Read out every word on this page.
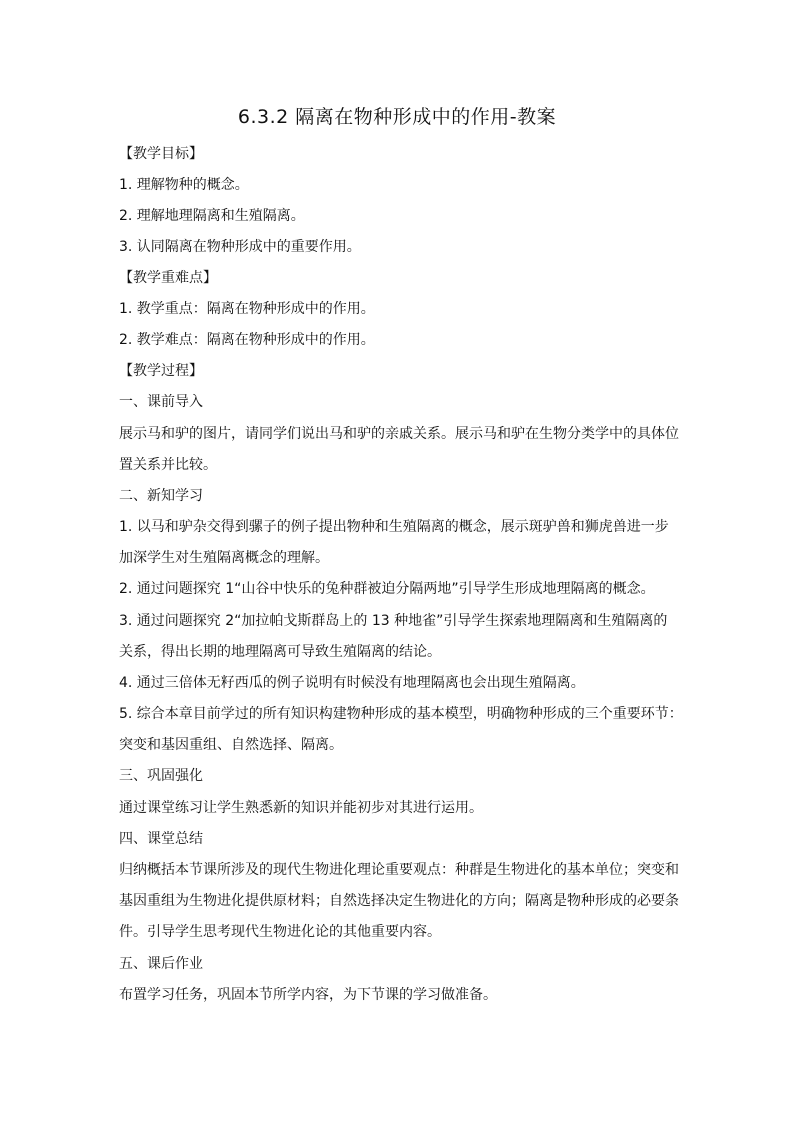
6.3.2 隔离在物种形成中的作用-教案
【教学目标】
1. 理解物种的概念。
2. 理解地理隔离和生殖隔离。
3. 认同隔离在物种形成中的重要作用。
【教学重难点】
1. 教学重点：隔离在物种形成中的作用。
2. 教学难点：隔离在物种形成中的作用。
【教学过程】
一、课前导入
展示马和驴的图片，请同学们说出马和驴的亲戚关系。展示马和驴在生物分类学中的具体位
置关系并比较。
二、新知学习
1. 以马和驴杂交得到骡子的例子提出物种和生殖隔离的概念，展示斑驴兽和狮虎兽进一步
加深学生对生殖隔离概念的理解。
2. 通过问题探究 1“山谷中快乐的兔种群被迫分隔两地”引导学生形成地理隔离的概念。
3. 通过问题探究 2“加拉帕戈斯群岛上的 13 种地雀”引导学生探索地理隔离和生殖隔离的
关系，得出长期的地理隔离可导致生殖隔离的结论。
4. 通过三倍体无籽西瓜的例子说明有时候没有地理隔离也会出现生殖隔离。
5. 综合本章目前学过的所有知识构建物种形成的基本模型，明确物种形成的三个重要环节：
突变和基因重组、自然选择、隔离。
三、巩固强化
通过课堂练习让学生熟悉新的知识并能初步对其进行运用。
四、课堂总结
归纳概括本节课所涉及的现代生物进化理论重要观点：种群是生物进化的基本单位；突变和
基因重组为生物进化提供原材料；自然选择决定生物进化的方向；隔离是物种形成的必要条
件。引导学生思考现代生物进化论的其他重要内容。
五、课后作业
布置学习任务，巩固本节所学内容，为下节课的学习做准备。
